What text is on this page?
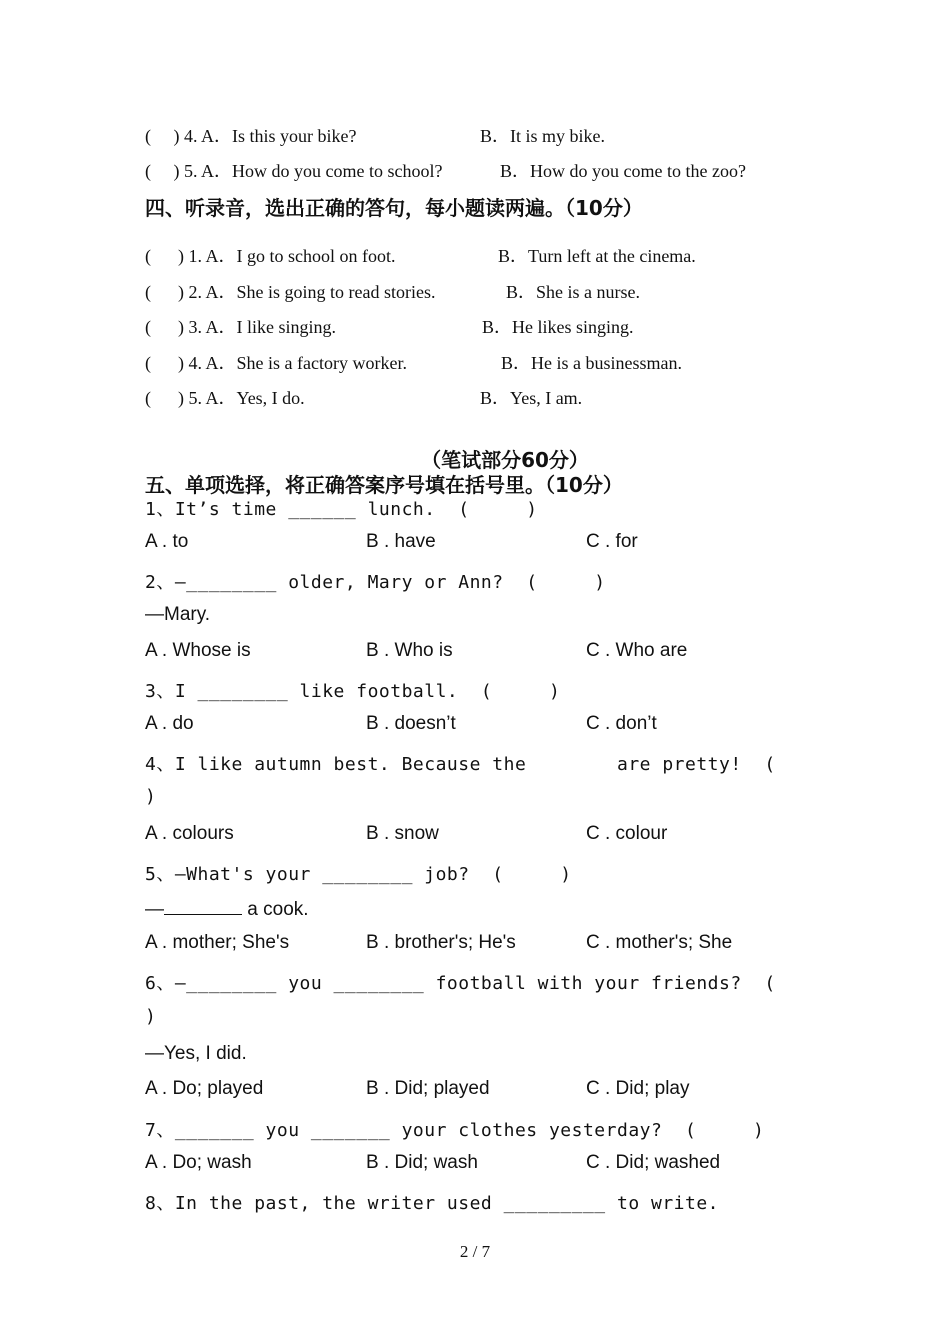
(     ) 4. A．Is this your bike?	B．It is my bike.
(     ) 5. A．How do you come to school?	B．How do you come to the zoo?
四、听录音，选出正确的答句，每小题读两遍。（10分）
(      ) 1. A．I go to school on foot.	B．Turn left at the cinema.
(      ) 2. A．She is going to read stories.	B．She is a nurse.
(      ) 3. A．I like singing.	B．He likes singing.
(      ) 4. A．She is a factory worker.	B．He is a businessman.
(      ) 5. A．Yes, I do.	B．Yes, I am.
（笔试部分60分）
五、单项选择，将正确答案序号填在括号里。（10分）
1、It’s time ______ lunch.  (     )
A . to	B . have	C . for
2、—________ older, Mary or Ann?  (     )
—Mary.
A . Whose is	B . Who is	C . Who are
3、I ________ like football.  (     )
A . do	B . doesn’t	C . don’t
4、I like autumn best. Because the        are pretty!  (
)
A . colours	B . snow	C . colour
5、—What's your ________ job?  (     )
—	a cook.
A . mother; She's	B . brother's; He's	C . mother's; She
6、—________ you ________ football with your friends?  (
)
—Yes, I did.
A . Do; played	B . Did; played	C . Did; play
7、_______ you _______ your clothes yesterday?  (     )
A . Do; wash	B . Did; wash	C . Did; washed
8、In the past, the writer used _________ to write.
2 / 7
